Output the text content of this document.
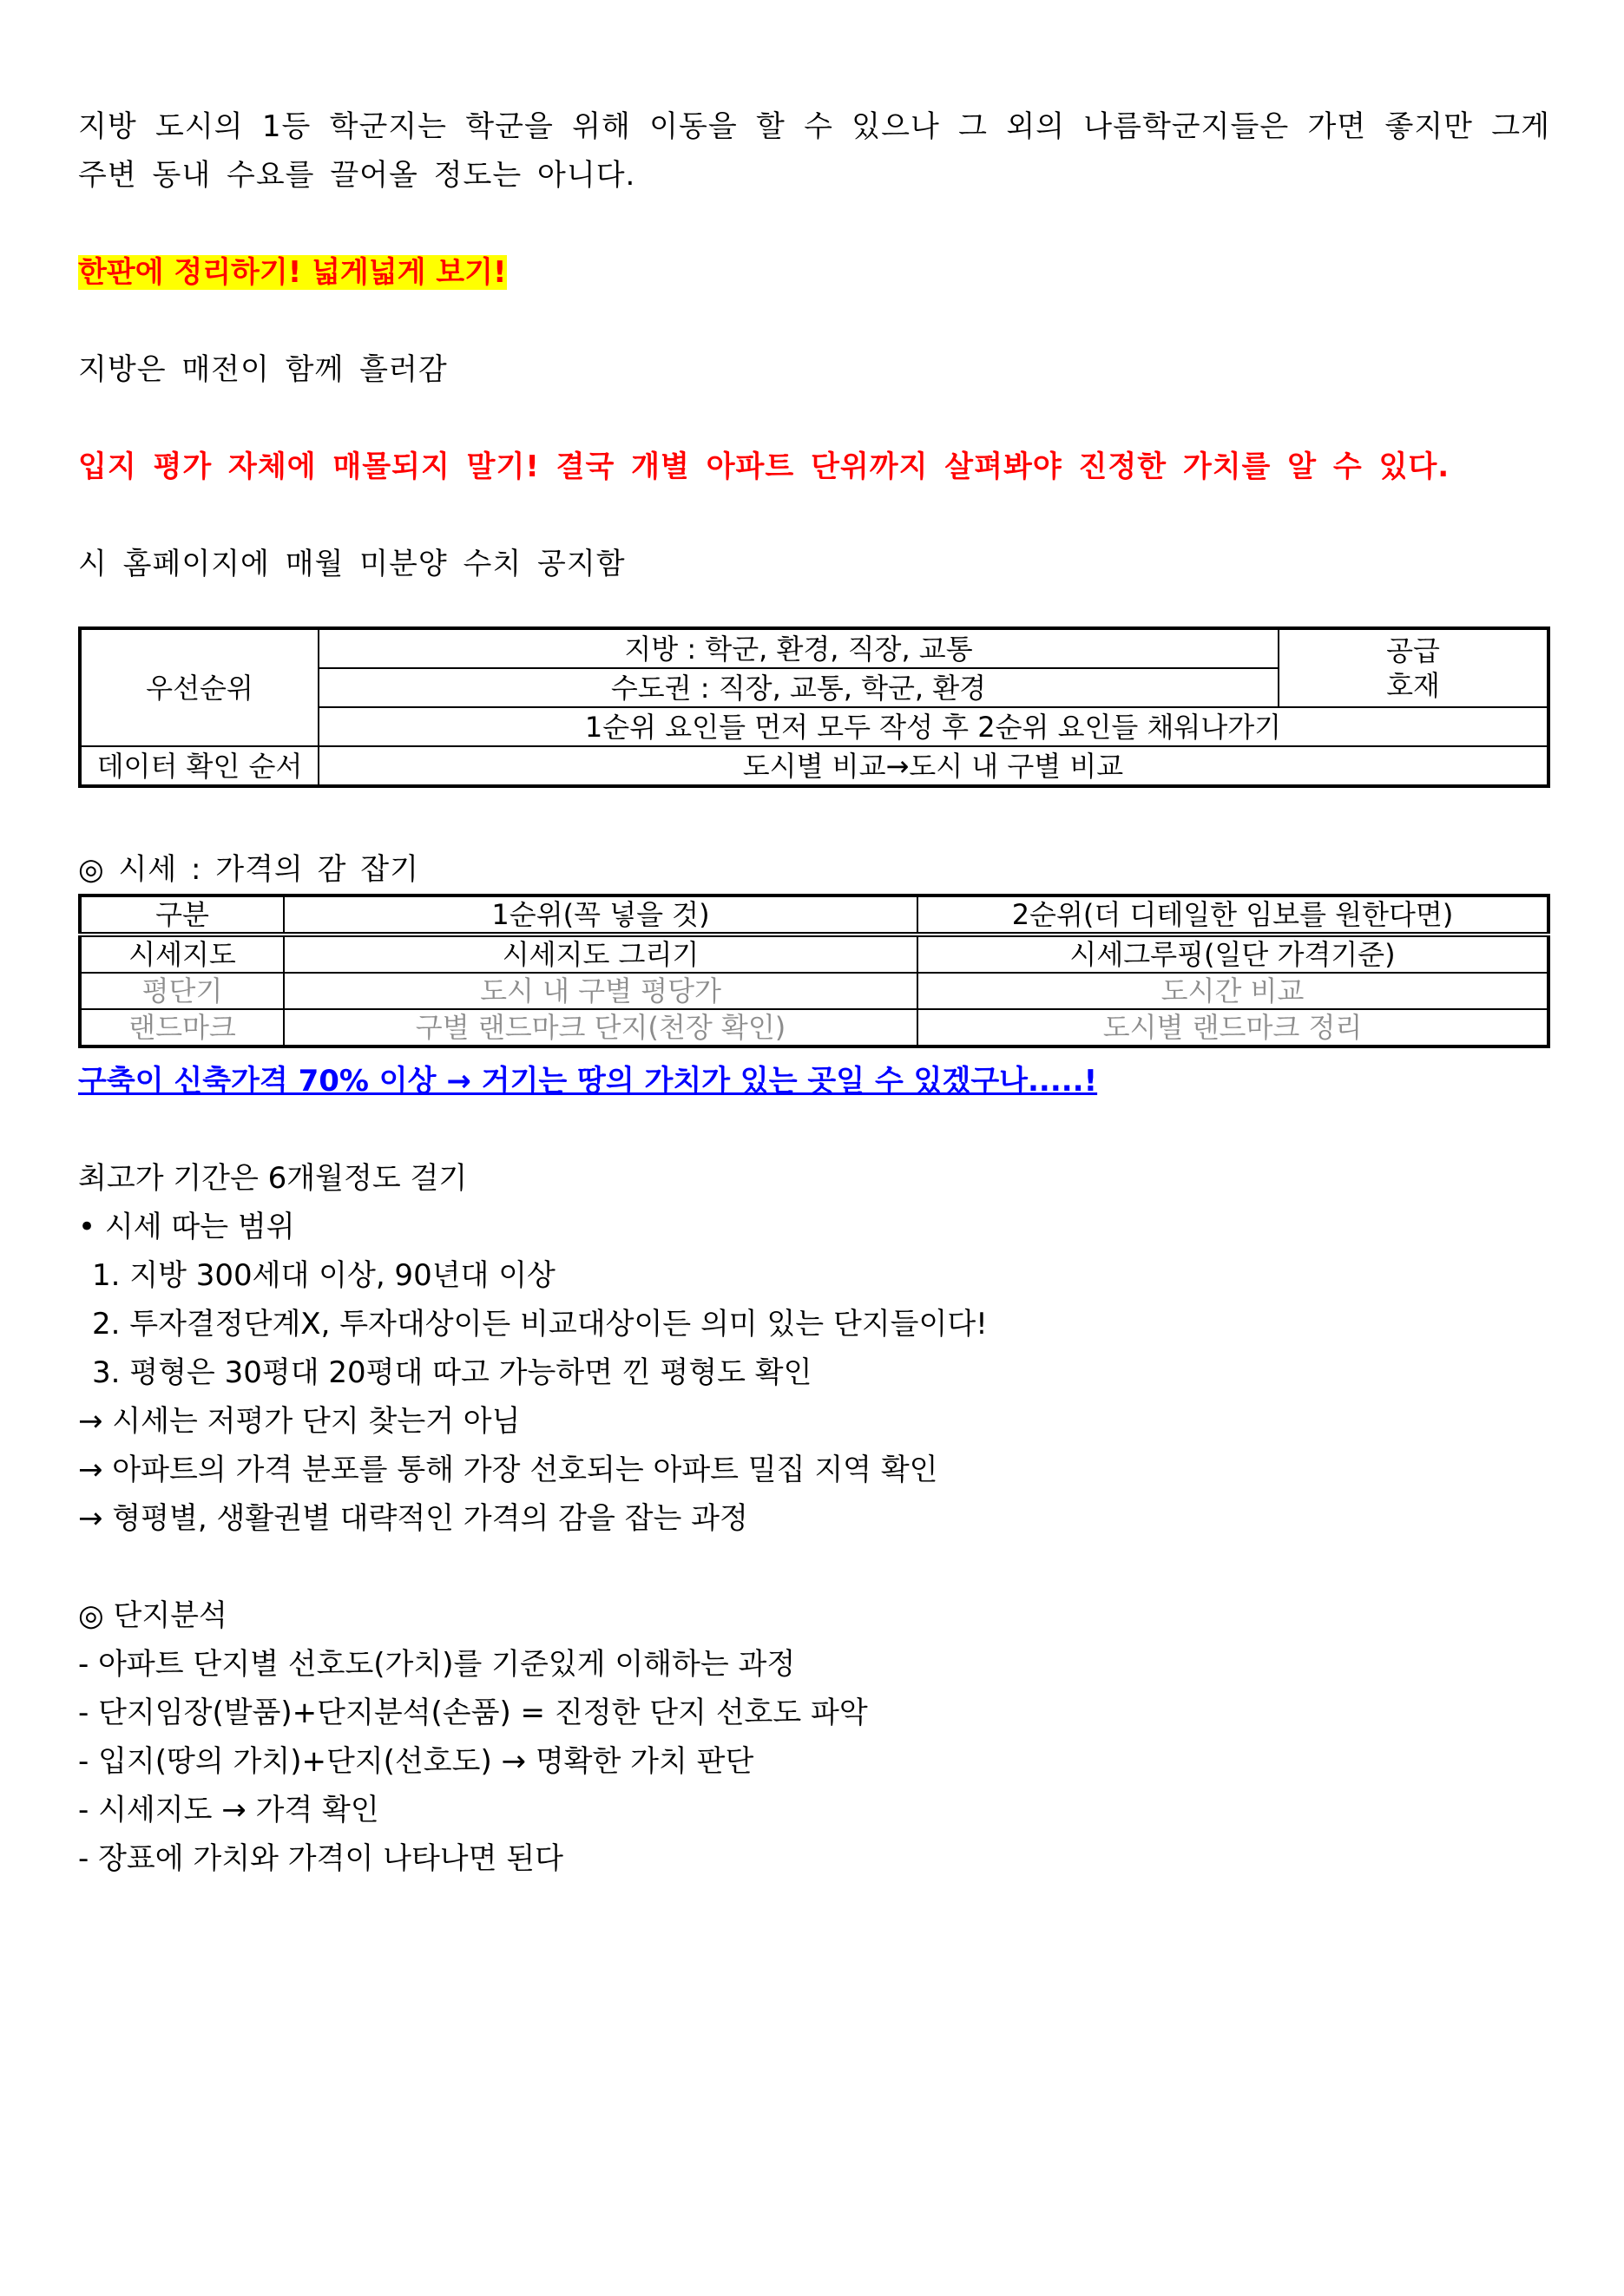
지방 도시의 1등 학군지는 학군을 위해 이동을 할 수 있으나 그 외의 나름학군지들은 가면 좋지만 그게

주변 동내 수요를 끌어올 정도는 아니다.

한판에 정리하기! 넓게넓게 보기!

지방은 매전이 함께 흘러감

입지 평가 자체에 매몰되지 말기! 결국 개별 아파트 단위까지 살펴봐야 진정한 가치를 알 수 있다.

시 홈페이지에 매월 미분양 수치 공지함

우선순위	지방 : 학군, 환경, 직장, 교통	공급
호재

	수도권 : 직장, 교통, 학군, 환경	
	1순위 요인들 먼저 모두 작성 후 2순위 요인들 채워나가기	
데이터 확인 순서	도시별 비교→도시 내 구별 비교	

◎ 시세 : 가격의 감 잡기

구분	1순위(꼭 넣을 것)	2순위(더 디테일한 임보를 원한다면)
시세지도	시세지도 그리기	시세그루핑(일단 가격기준)
평단기	도시 내 구별 평당가	도시간 비교
랜드마크	구별 랜드마크 단지(천장 확인)	도시별 랜드마크 정리

구축이 신축가격 70% 이상 → 거기는 땅의 가치가 있는 곳일 수 있겠구나.....!

최고가 기간은 6개월정도 걸기

• 시세 따는 범위

1. 지방 300세대 이상, 90년대 이상

2. 투자결정단계X, 투자대상이든 비교대상이든 의미 있는 단지들이다!

3. 평형은 30평대 20평대 따고 가능하면 낀 평형도 확인

→ 시세는 저평가 단지 찾는거 아님

→ 아파트의 가격 분포를 통해 가장 선호되는 아파트 밀집 지역 확인

→ 형평별, 생활권별 대략적인 가격의 감을 잡는 과정

◎ 단지분석

- 아파트 단지별 선호도(가치)를 기준있게 이해하는 과정

- 단지임장(발품)+단지분석(손품) = 진정한 단지 선호도 파악

- 입지(땅의 가치)+단지(선호도) → 명확한 가치 판단

- 시세지도 → 가격 확인

- 장표에 가치와 가격이 나타나면 된다
